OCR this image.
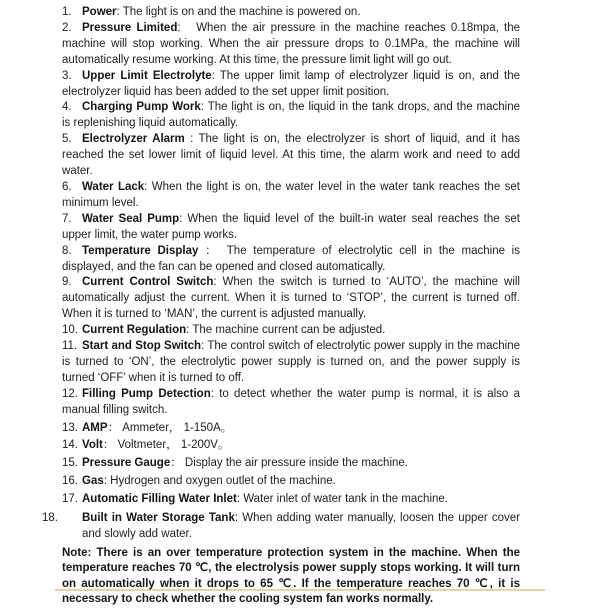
1. Power: The light is on and the machine is powered on.

2. Pressure Limited:   When the air pressure in the machine reaches 0.18mpa, the machine will stop working. When the air pressure drops to 0.1MPa, the machine will automatically resume working. At this time, the pressure limit light will go out.

3. Upper Limit Electrolyte: The upper limit lamp of electrolyzer liquid is on, and the electrolyzer liquid has been added to the set upper limit position.

4. Charging Pump Work: The light is on, the liquid in the tank drops, and the machine is replenishing liquid automatically.

5. Electrolyzer Alarm : The light is on, the electrolyzer is short of liquid, and it has reached the set lower limit of liquid level. At this time, the alarm work and need to add water.

6. Water Lack: When the light is on, the water level in the water tank reaches the set minimum level.

7. Water Seal Pump: When the liquid level of the built-in water seal reaches the set upper limit, the water pump works.

8. Temperature Display ： The temperature of electrolytic cell in the machine is displayed, and the fan can be opened and closed automatically.

9. Current Control Switch: When the switch is turned to ‘AUTO’, the machine will automatically adjust the current. When it is turned to ‘STOP’, the current is turned off. When it is turned to ‘MAN’, the current is adjusted manually.

10. Current Regulation: The machine current can be adjusted.

11. Start and Stop Switch: The control switch of electrolytic power supply in the machine is turned to ‘ON’, the electrolytic power supply is turned on, and the power supply is turned ‘OFF’ when it is turned to off.

12. Filling Pump Detection: to detect whether the water pump is normal, it is also a manual filling switch.

13. AMP： Ammeter， 1-150A。

14. Volt： Voltmeter， 1-200V。

15. Pressure Gauge： Display the air pressure inside the machine.

16. Gas: Hydrogen and oxygen outlet of the machine.

17. Automatic Filling Water Inlet: Water inlet of water tank in the machine.

18. Built in Water Storage Tank: When adding water manually, loosen the upper cover and slowly add water.

Note: There is an over temperature protection system in the machine. When the temperature reaches 70 ℃, the electrolysis power supply stops working. It will turn on automatically when it drops to 65 ℃. If the temperature reaches 70 ℃, it is necessary to check whether the cooling system fan works normally.
